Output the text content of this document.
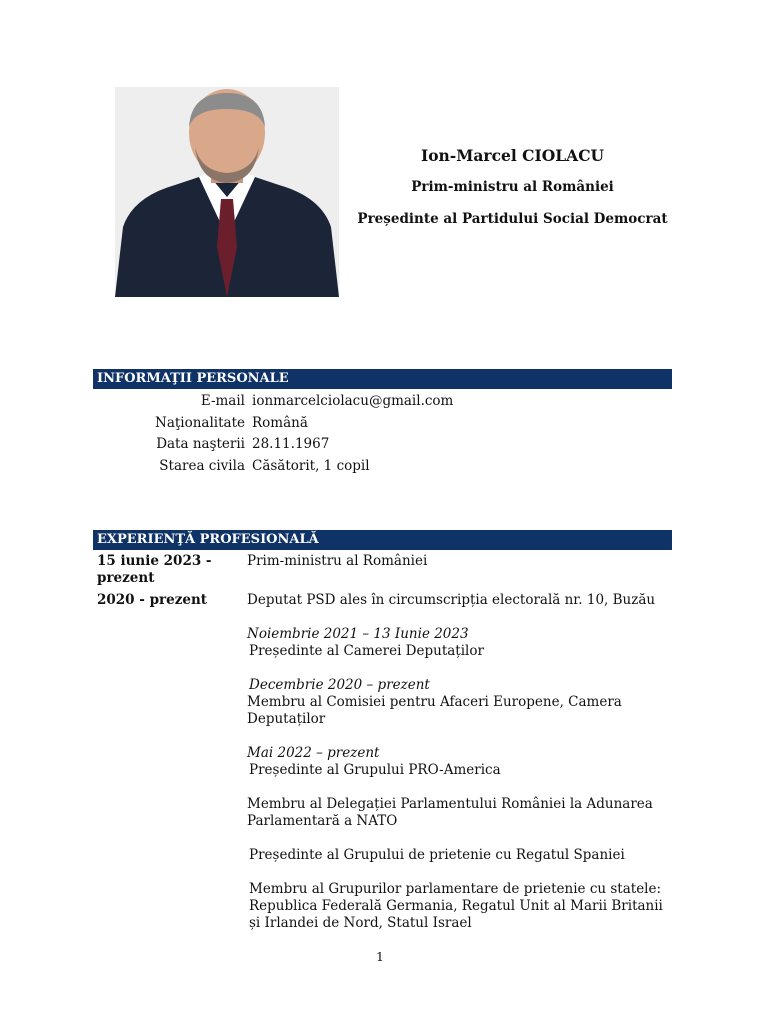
Ion-Marcel CIOLACU
Prim-ministru al României
Președinte al Partidului Social Democrat
INFORMAŢII PERSONALE
E-mail ionmarcelciolacu@gmail.com
Naţionalitate Română
Data naşterii 28.11.1967
Starea civila Căsătorit, 1 copil
EXPERIENŢĂ PROFESIONALĂ
15 iunie 2023 - prezent
Prim-ministru al României
2020 - prezent	Deputat PSD ales în circumscripția electorală nr. 10, Buzău
Noiembrie 2021 – 13 Iunie 2023
Președinte al Camerei Deputaților
Decembrie 2020 – prezent
Membru al Comisiei pentru Afaceri Europene, Camera Deputaților
Mai 2022 – prezent
Președinte al Grupului PRO-America
Membru al Delegației Parlamentului României la Adunarea Parlamentară a NATO
Președinte al Grupului de prietenie cu Regatul Spaniei
Membru al Grupurilor parlamentare de prietenie cu statele: Republica Federală Germania, Regatul Unit al Marii Britanii și Irlandei de Nord, Statul Israel
1
